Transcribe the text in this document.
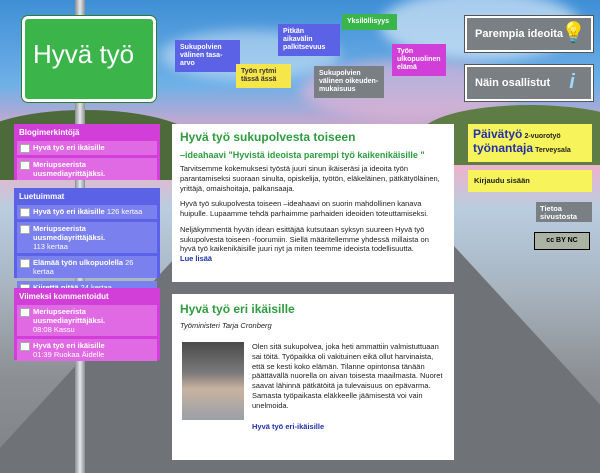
Hyvä työ	Sukupolvien välinen tasa-arvo
Pitkän aikavälin palkitsevuus
Yksilöllisyys
Työn rytmi tässä ässä
Sukupolvien välinen oikeuden-mukaisuus
Työn ulkopuolinen elämä
Parempia ideoita
💡
Näin osallistut i
Blogimerkintöjä
Hyvä työ eri ikäisille
Meriupseerista uusmediayrittäjäksi.
Luetuimmat
Hyvä työ eri ikäisille 126 kertaa
Meriupseerista uusmediayrittäjäksi.
113 kertaa
Elämää työn ulkopuolella 26 kertaa
Viimeksi kommentoidut
Meriupseerista uusmediayrittäjäksi.
08:08 Kassu
Hyvä työ eri ikäisille
01:39 Ruokaa Äidelle
Hyvä työ sukupolvesta toiseen
–ideahaavi "Hyvistä ideoista parempi työ kaikenikäisille "

Tarvitsemme kokemuksesi työstä juuri sinun ikäiseräsi ja ideoita työn parantamiseksi suoraan sinulta, opiskelija, työtön, eläkeläinen, pätkätyöläinen, yrittäjä, omaishoitaja, palkansaaja.

Hyvä työ sukupolvesta toiseen –ideahaavi on suorin mahdollinen kanava huipulle. Lupaamme tehdä parhaimme parhaiden ideoiden toteuttamiseksi.

Neljäkymmentä hyvän idean esittäjää kutsutaan syksyn suureen Hyvä työ sukupolvesta toiseen -foorumiin. Siellä määritellemme yhdessä millaista on hyvä työ kaikenikäisille juuri nyt ja miten teemme ideoista todellisuutta.

Lue lisää
Hyvä työ eri ikäisille
Työministeri Tarja Cronberg

Olen sitä sukupolvea, joka heti ammattiin valmistuttuaan sai töitä. Työpaikka oli vakituinen eikä ollut harvinaista, että se kesti koko elämän. Tilanne opintonsa tänään päättävällä nuorella on aivan toisesta maailmasta. Nuoret saavat lähinnä pätkätöitä ja tulevaisuus on epävarma. Samasta työpaikasta eläkkeelle jäämisestä voi vain unelmoida.

Hyvä työ eri-ikäisille
Päivätyö 2-vuorotyö
työnantaja Terveysala
Kirjaudu sisään
Tietoa sivustosta
cc BY NC
